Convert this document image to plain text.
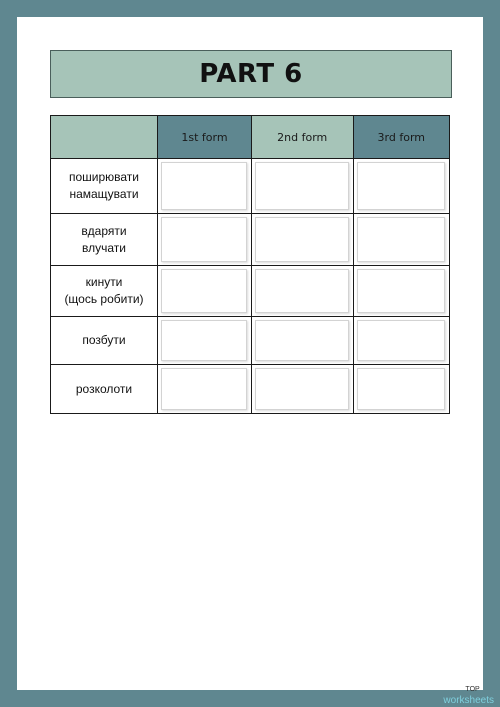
PART 6
	1st form	2nd form	3rd form

поширювати
намащувати			

вдаряти
влучати			

кинути
(щось робити)			

позбути			

розколоти			

TOP
worksheets
